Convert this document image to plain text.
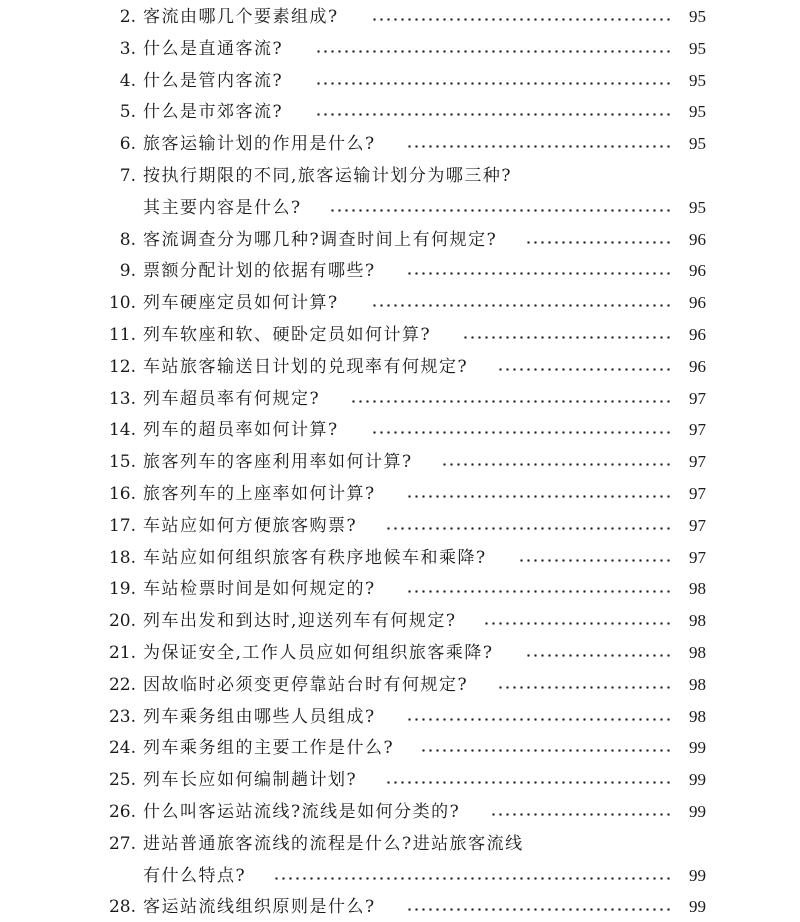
2. 客流由哪几个要素组成?	95
3. 什么是直通客流?	95
4. 什么是管内客流?	95
5. 什么是市郊客流?	95
6. 旅客运输计划的作用是什么?	95
7. 按执行期限的不同,旅客运输计划分为哪三种?
其主要内容是什么?	95
8. 客流调查分为哪几种?调查时间上有何规定?	96
9. 票额分配计划的依据有哪些?	96
10. 列车硬座定员如何计算?	96
11. 列车软座和软、硬卧定员如何计算?	96
12. 车站旅客输送日计划的兑现率有何规定?	96
13. 列车超员率有何规定?	97
14. 列车的超员率如何计算?	97
15. 旅客列车的客座利用率如何计算?	97
16. 旅客列车的上座率如何计算?	97
17. 车站应如何方便旅客购票?	97
18. 车站应如何组织旅客有秩序地候车和乘降?	97
19. 车站检票时间是如何规定的?	98
20. 列车出发和到达时,迎送列车有何规定?	98
21. 为保证安全,工作人员应如何组织旅客乘降?	98
22. 因故临时必须变更停靠站台时有何规定?	98
23. 列车乘务组由哪些人员组成?	98
24. 列车乘务组的主要工作是什么?	99
25. 列车长应如何编制趟计划?	99
26. 什么叫客运站流线?流线是如何分类的?	99
27. 进站普通旅客流线的流程是什么?进站旅客流线
有什么特点?	99
28. 客运站流线组织原则是什么?	99
